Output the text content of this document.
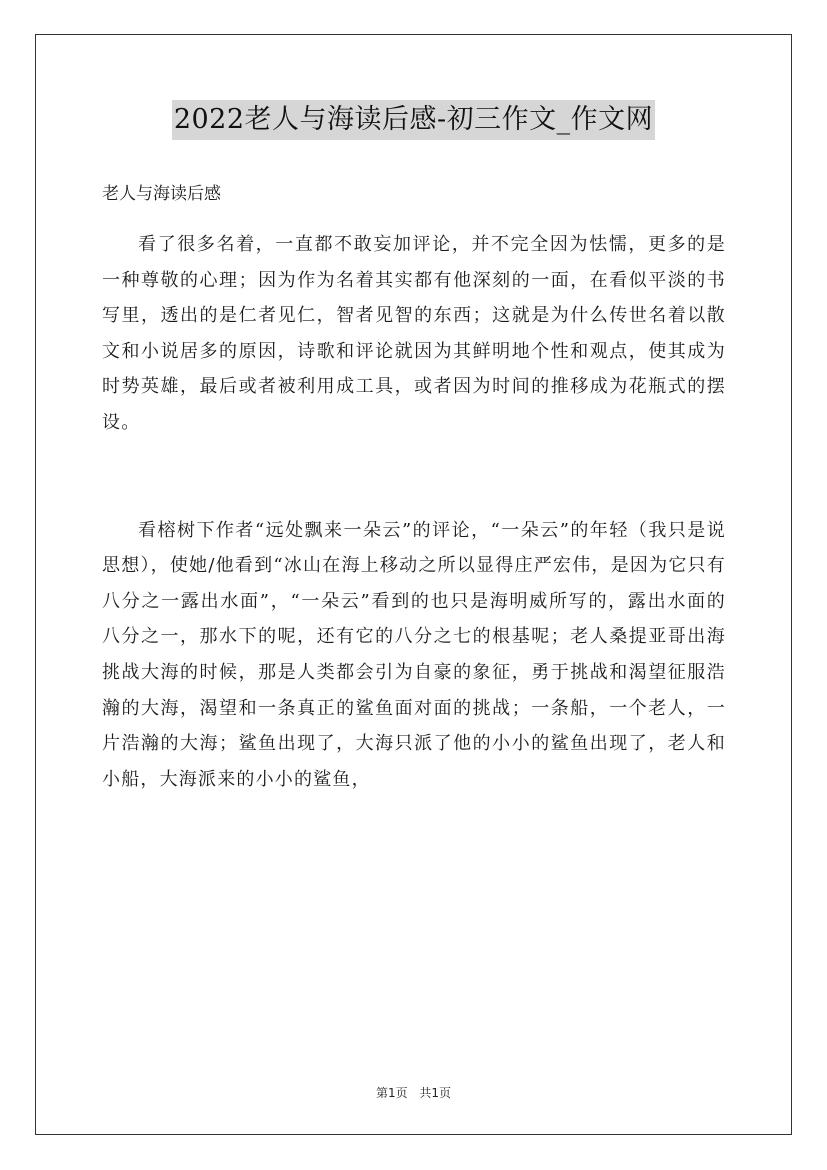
2022老人与海读后感-初三作文_作文网

老人与海读后感

看了很多名着，一直都不敢妄加评论，并不完全因为怯懦，更多的是一种尊敬的心理；因为作为名着其实都有他深刻的一面，在看似平淡的书写里，透出的是仁者见仁，智者见智的东西；这就是为什么传世名着以散文和小说居多的原因，诗歌和评论就因为其鲜明地个性和观点，使其成为时势英雄，最后或者被利用成工具，或者因为时间的推移成为花瓶式的摆设。

看榕树下作者“远处飘来一朵云”的评论，“一朵云”的年轻（我只是说思想），使她/他看到“冰山在海上移动之所以显得庄严宏伟，是因为它只有八分之一露出水面”，“一朵云”看到的也只是海明威所写的，露出水面的八分之一，那水下的呢，还有它的八分之七的根基呢；老人桑提亚哥出海挑战大海的时候，那是人类都会引为自豪的象征，勇于挑战和渴望征服浩瀚的大海，渴望和一条真正的鲨鱼面对面的挑战；一条船，一个老人，一片浩瀚的大海；鲨鱼出现了，大海只派了他的小小的鲨鱼出现了，老人和小船，大海派来的小小的鲨鱼，

第1页 共1页
